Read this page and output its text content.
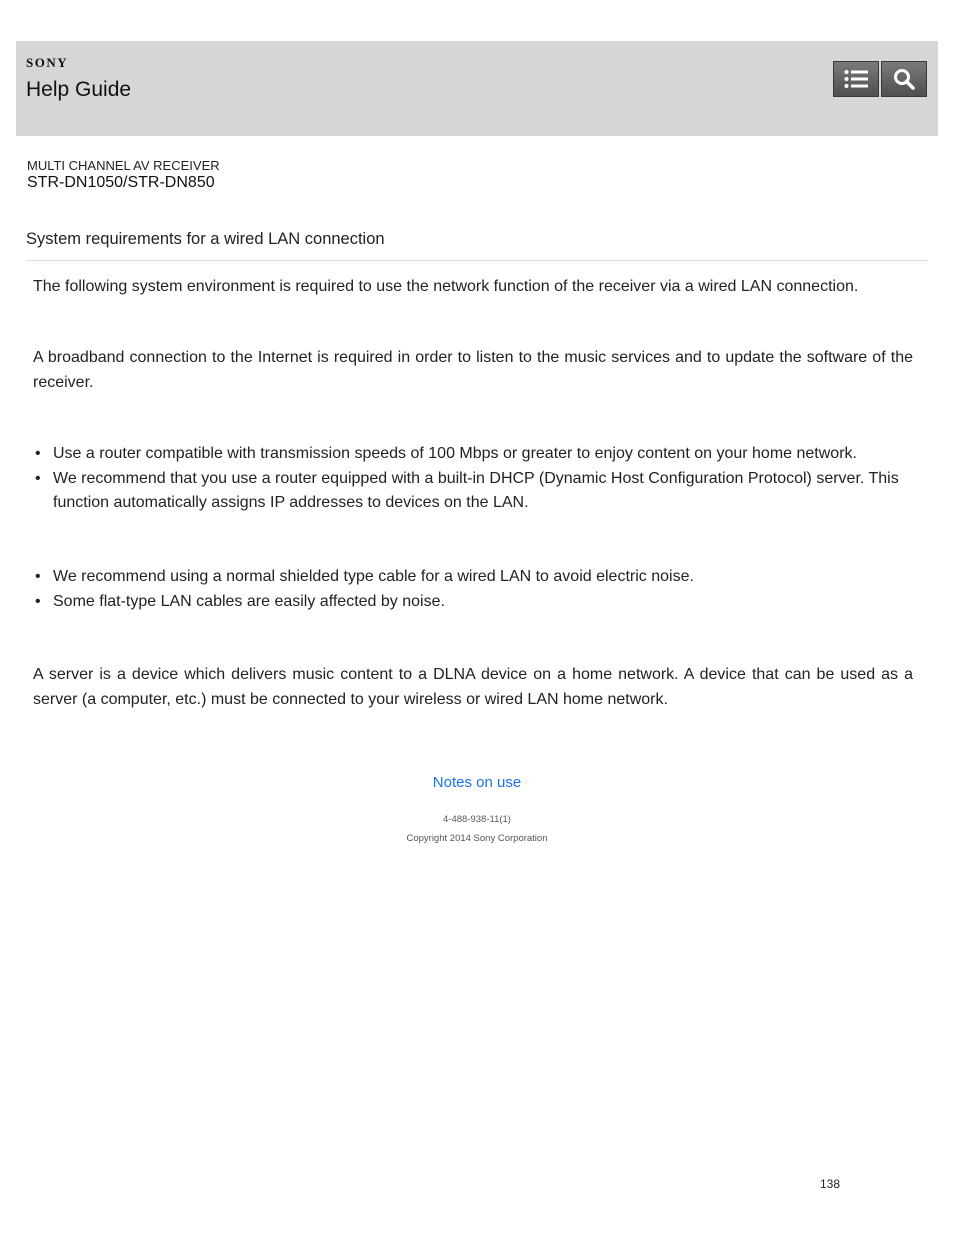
SONY
Help Guide
MULTI CHANNEL AV RECEIVER
STR-DN1050/STR-DN850
System requirements for a wired LAN connection

The following system environment is required to use the network function of the receiver via a wired LAN connection.

A broadband connection to the Internet is required in order to listen to the music services and to update the software of the receiver.

• Use a router compatible with transmission speeds of 100 Mbps or greater to enjoy content on your home network.
• We recommend that you use a router equipped with a built-in DHCP (Dynamic Host Configuration Protocol) server. This function automatically assigns IP addresses to devices on the LAN.
• We recommend using a normal shielded type cable for a wired LAN to avoid electric noise.
• Some flat-type LAN cables are easily affected by noise.

A server is a device which delivers music content to a DLNA device on a home network. A device that can be used as a server (a computer, etc.) must be connected to your wireless or wired LAN home network.

Notes on use
4-488-938-11(1)
Copyright 2014 Sony Corporation
138
